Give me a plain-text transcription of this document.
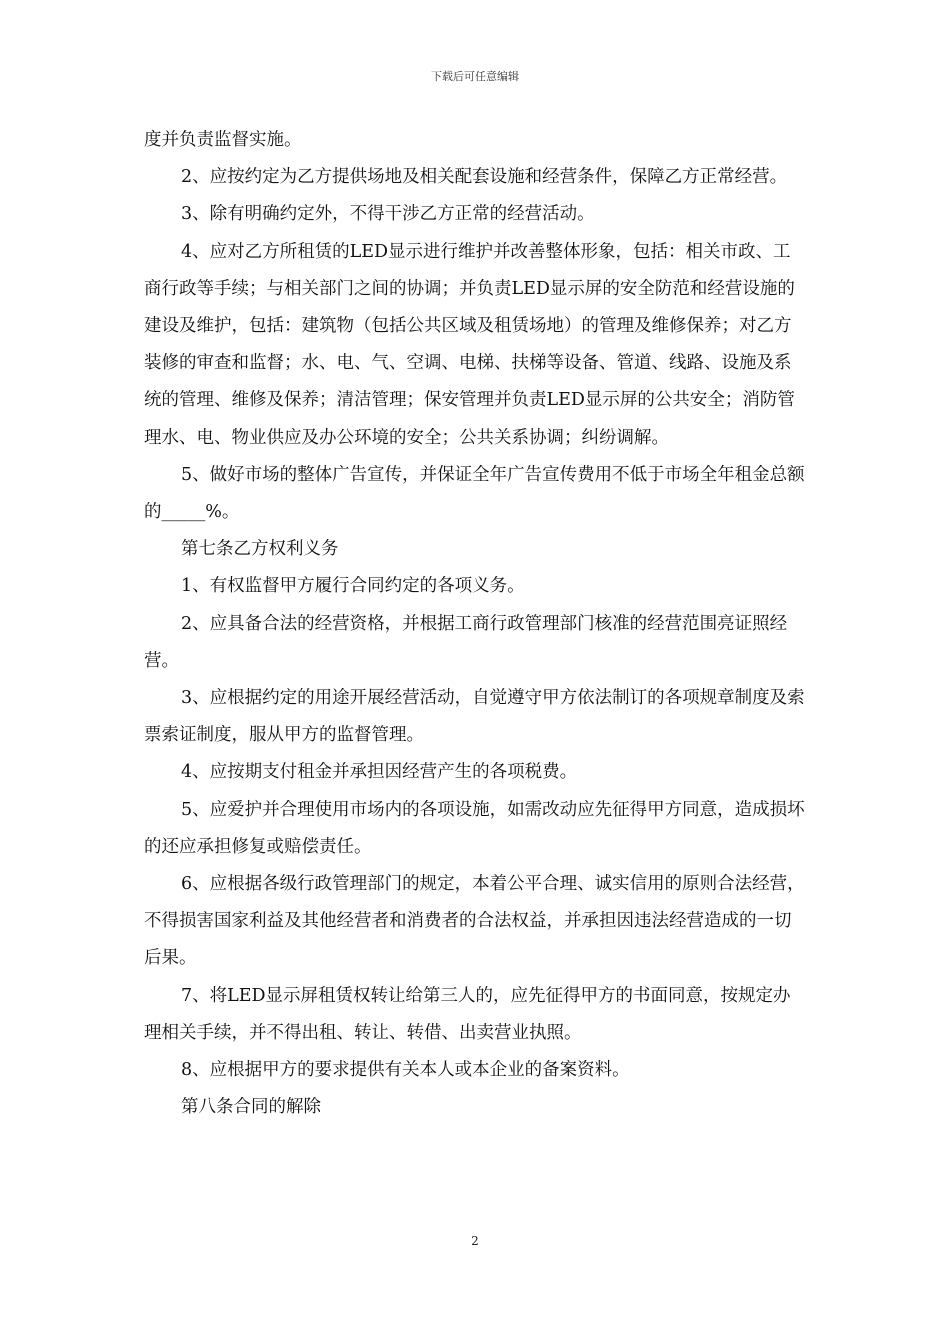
下载后可任意编辑

度并负责监督实施。

2、应按约定为乙方提供场地及相关配套设施和经营条件，保障乙方正常经营。

3、除有明确约定外，不得干涉乙方正常的经营活动。

4、应对乙方所租赁的LED显示进行维护并改善整体形象，包括：相关市政、工商行政等手续；与相关部门之间的协调；并负责LED显示屏的安全防范和经营设施的建设及维护，包括：建筑物（包括公共区域及租赁场地）的管理及维修保养；对乙方装修的审查和监督；水、电、气、空调、电梯、扶梯等设备、管道、线路、设施及系统的管理、维修及保养；清洁管理；保安管理并负责LED显示屏的公共安全；消防管理水、电、物业供应及办公环境的安全；公共关系协调；纠纷调解。

5、做好市场的整体广告宣传，并保证全年广告宣传费用不低于市场全年租金总额的_____%。

第七条乙方权利义务

1、有权监督甲方履行合同约定的各项义务。

2、应具备合法的经营资格，并根据工商行政管理部门核准的经营范围亮证照经营。

3、应根据约定的用途开展经营活动，自觉遵守甲方依法制订的各项规章制度及索票索证制度，服从甲方的监督管理。

4、应按期支付租金并承担因经营产生的各项税费。

5、应爱护并合理使用市场内的各项设施，如需改动应先征得甲方同意，造成损坏的还应承担修复或赔偿责任。

6、应根据各级行政管理部门的规定，本着公平合理、诚实信用的原则合法经营，不得损害国家利益及其他经营者和消费者的合法权益，并承担因违法经营造成的一切后果。

7、将LED显示屏租赁权转让给第三人的，应先征得甲方的书面同意，按规定办理相关手续，并不得出租、转让、转借、出卖营业执照。

8、应根据甲方的要求提供有关本人或本企业的备案资料。

第八条合同的解除

2
